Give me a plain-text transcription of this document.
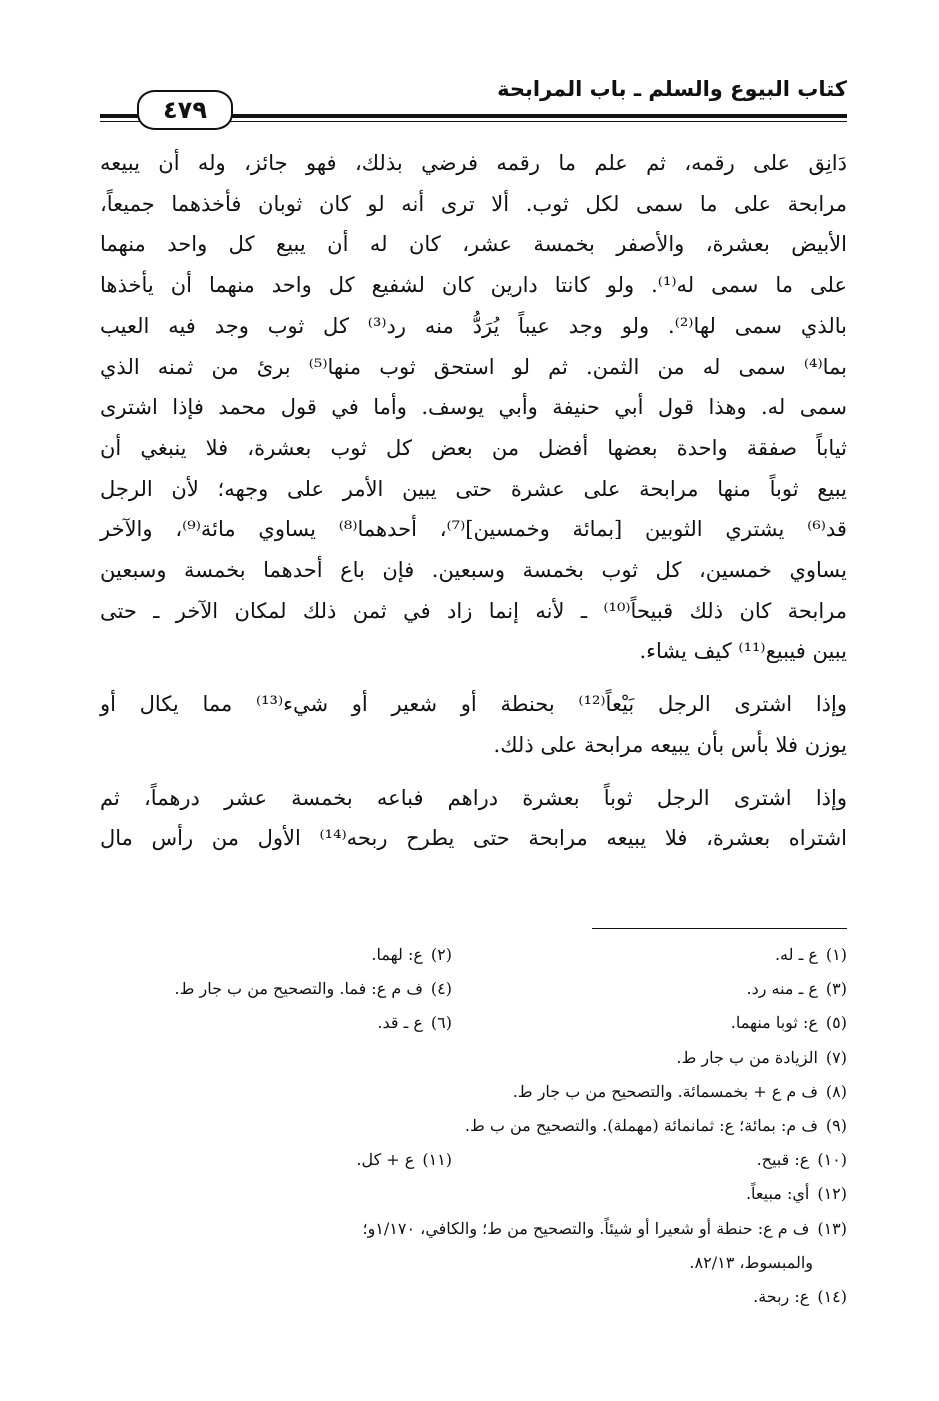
كتاب البيوع والسلم ـ باب المرابحة
٤٧٩

دَانِق على رقمه، ثم علم ما رقمه فرضي بذلك، فهو جائز، وله أن يبيعه
مرابحة على ما سمى لكل ثوب. ألا ترى أنه لو كان ثوبان فأخذهما جميعاً،
الأبيض بعشرة، والأصفر بخمسة عشر، كان له أن يبيع كل واحد منهما
على ما سمى له⁽¹⁾. ولو كانتا دارين كان لشفيع كل واحد منهما أن يأخذها
بالذي سمى لها⁽²⁾. ولو وجد عيباً يُرَدُّ منه رد⁽³⁾ كل ثوب وجد فيه العيب
بما⁽⁴⁾ سمى له من الثمن. ثم لو استحق ثوب منها⁽⁵⁾ برئ من ثمنه الذي
سمى له. وهذا قول أبي حنيفة وأبي يوسف. وأما في قول محمد فإذا اشترى
ثياباً صفقة واحدة بعضها أفضل من بعض كل ثوب بعشرة، فلا ينبغي أن
يبيع ثوباً منها مرابحة على عشرة حتى يبين الأمر على وجهه؛ لأن الرجل
قد⁽⁶⁾ يشتري الثوبين [بمائة وخمسين]⁽⁷⁾، أحدهما⁽⁸⁾ يساوي مائة⁽⁹⁾، والآخر
يساوي خمسين، كل ثوب بخمسة وسبعين. فإن باع أحدهما بخمسة وسبعين
مرابحة كان ذلك قبيحاً⁽¹⁰⁾ ـ لأنه إنما زاد في ثمن ذلك لمكان الآخر ـ حتى
يبين فيبيع⁽¹¹⁾ كيف يشاء.

وإذا اشترى الرجل بَيْعاً⁽¹²⁾ بحنطة أو شعير أو شيء⁽¹³⁾ مما يكال أو
يوزن فلا بأس بأن يبيعه مرابحة على ذلك.

وإذا اشترى الرجل ثوباً بعشرة دراهم فباعه بخمسة عشر درهماً، ثم
اشتراه بعشرة، فلا يبيعه مرابحة حتى يطرح ربحه⁽¹⁴⁾ الأول من رأس مال

(١)ع ـ له.
(٢)ع: لهما.
(٣)ع ـ منه رد.
(٤)ف م ع: فما. والتصحيح من ب جار ط.
(٥)ع: ثوبا منهما.
(٦)ع ـ قد.
(٧)الزيادة من ب جار ط.
(٨)ف م ع + بخمسمائة. والتصحيح من ب جار ط.
(٩)ف م: بمائة؛ ع: ثمانمائة (مهملة). والتصحيح من ب ط.
(١٠)ع: قبيح.
(١١)ع + كل.
(١٢)أي: مبيعاً.
(١٣)ف م ع: حنطة أو شعيرا أو شيئاً. والتصحيح من ط؛ والكافي، ١/١٧٠و؛
والمبسوط، ٨٢/١٣.
(١٤)ع: ربحة.
